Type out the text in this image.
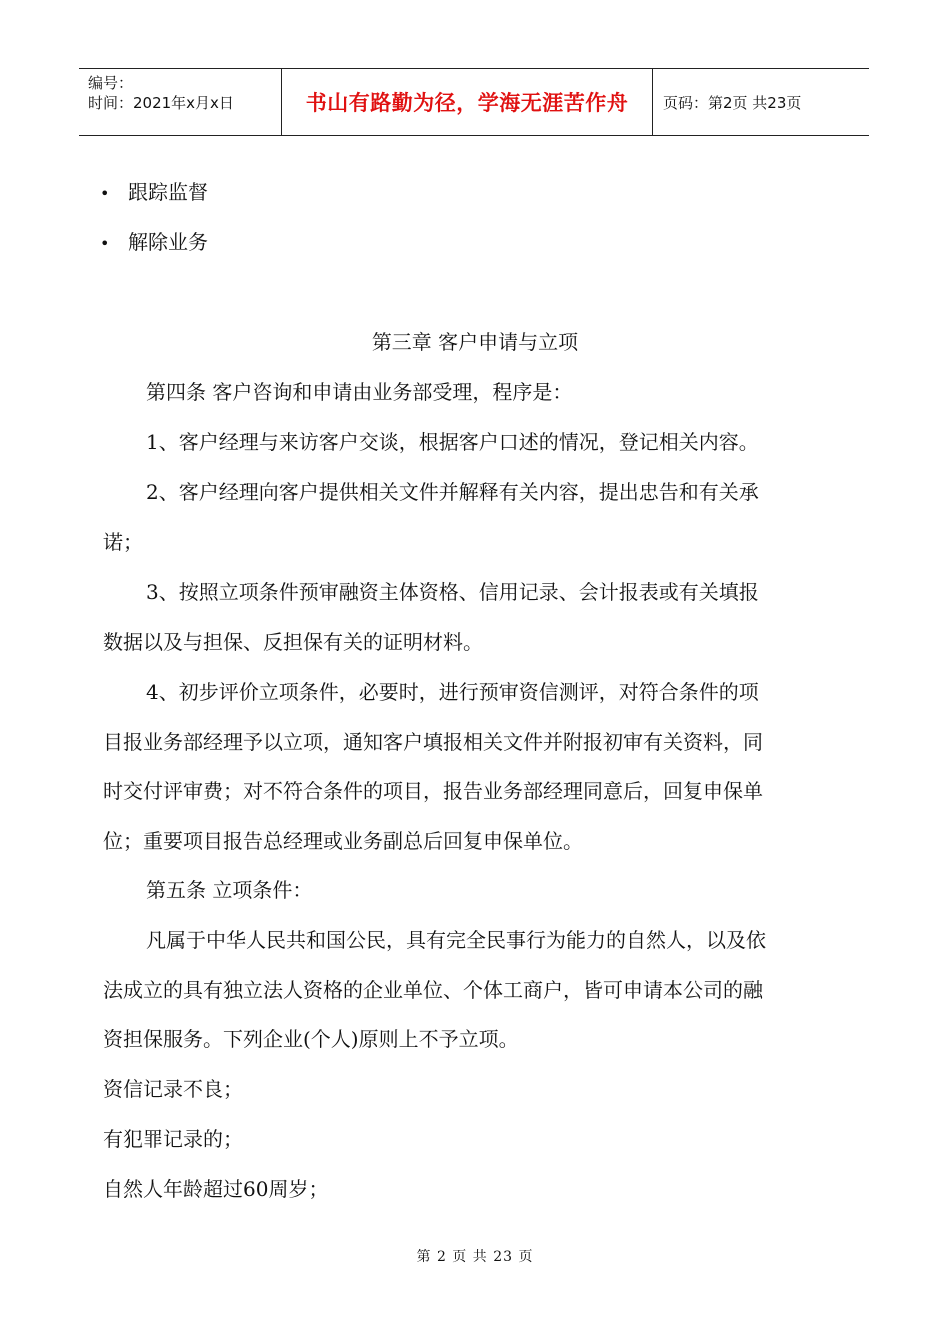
编号：
时间：2021年x月x日	书山有路勤为径，学海无涯苦作舟	页码：第2页 共23页
• 跟踪监督
• 解除业务
第三章 客户申请与立项
第四条 客户咨询和申请由业务部受理，程序是：
1、客户经理与来访客户交谈，根据客户口述的情况，登记相关内容。
2、客户经理向客户提供相关文件并解释有关内容，提出忠告和有关承
诺；
3、按照立项条件预审融资主体资格、信用记录、会计报表或有关填报
数据以及与担保、反担保有关的证明材料。
4、初步评价立项条件，必要时，进行预审资信测评，对符合条件的项
目报业务部经理予以立项，通知客户填报相关文件并附报初审有关资料，同
时交付评审费；对不符合条件的项目，报告业务部经理同意后，回复申保单
位；重要项目报告总经理或业务副总后回复申保单位。
第五条 立项条件：
凡属于中华人民共和国公民，具有完全民事行为能力的自然人，以及依
法成立的具有独立法人资格的企业单位、个体工商户，皆可申请本公司的融
资担保服务。下列企业(个人)原则上不予立项。
资信记录不良；
有犯罪记录的；
自然人年龄超过60周岁；
第 2 页 共 23 页
